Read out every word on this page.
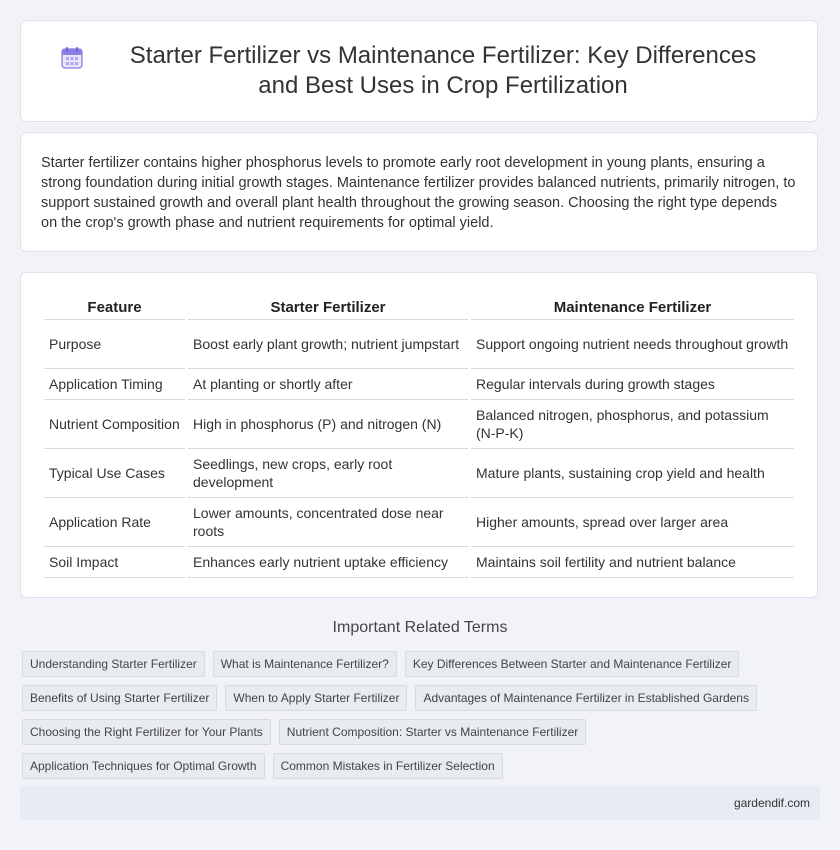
Starter Fertilizer vs Maintenance Fertilizer: Key Differences and Best Uses in Crop Fertilization

Starter fertilizer contains higher phosphorus levels to promote early root development in young plants, ensuring a strong foundation during initial growth stages. Maintenance fertilizer provides balanced nutrients, primarily nitrogen, to support sustained growth and overall plant health throughout the growing season. Choosing the right type depends on the crop's growth phase and nutrient requirements for optimal yield.

Feature	Starter Fertilizer	Maintenance Fertilizer
Purpose	Boost early plant growth; nutrient jumpstart	Support ongoing nutrient needs throughout growth
Application Timing	At planting or shortly after	Regular intervals during growth stages
Nutrient Composition	High in phosphorus (P) and nitrogen (N)	Balanced nitrogen, phosphorus, and potassium (N-P-K)
Typical Use Cases	Seedlings, new crops, early root development	Mature plants, sustaining crop yield and health
Application Rate	Lower amounts, concentrated dose near roots	Higher amounts, spread over larger area
Soil Impact	Enhances early nutrient uptake efficiency	Maintains soil fertility and nutrient balance
Important Related Terms
Understanding Starter Fertilizer	What is Maintenance Fertilizer?	Key Differences Between Starter and Maintenance Fertilizer
Benefits of Using Starter Fertilizer	When to Apply Starter Fertilizer	Advantages of Maintenance Fertilizer in Established Gardens
Choosing the Right Fertilizer for Your Plants	Nutrient Composition: Starter vs Maintenance Fertilizer
Application Techniques for Optimal Growth	Common Mistakes in Fertilizer Selection
gardendif.com
